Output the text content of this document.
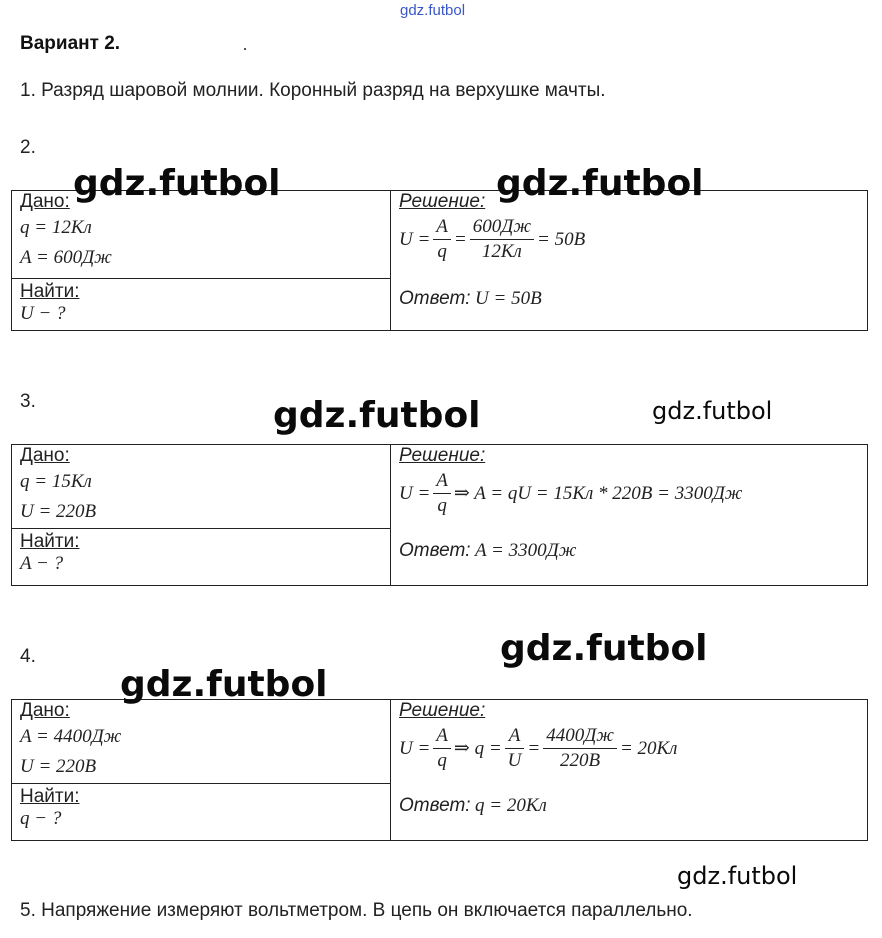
gdz.futbol
Вариант 2.
1. Разряд шаровой молнии. Коронный разряд на верхушке мачты.
2.
Дано:
q = 12Кл
A = 600Дж

Решение:
$U = \frac{A}{q} = \frac{600Дж}{12Кл} = 50В$
Ответ: U = 50В

Найти:
U − ?
3.
Дано:
q = 15Кл
U = 220В

Решение:
$U = \frac{A}{q}$ ⇒ A = qU = 15Кл * 220В = 3300Дж
Ответ: A = 3300Дж

Найти:
A − ?
4.
Дано:
A = 4400Дж
U = 220В

Решение:
$U = \frac{A}{q}$ ⇒ $q = \frac{A}{U} = \frac{4400Дж}{220В} = 20Кл$
Ответ: q = 20Кл

Найти:
q − ?
5. Напряжение измеряют вольтметром. В цепь он включается параллельно.
gdz.futbol	gdz.futbol
gdz.futbol	gdz.futbol
gdz.futbol
gdz.futbol
gdz.futbol
